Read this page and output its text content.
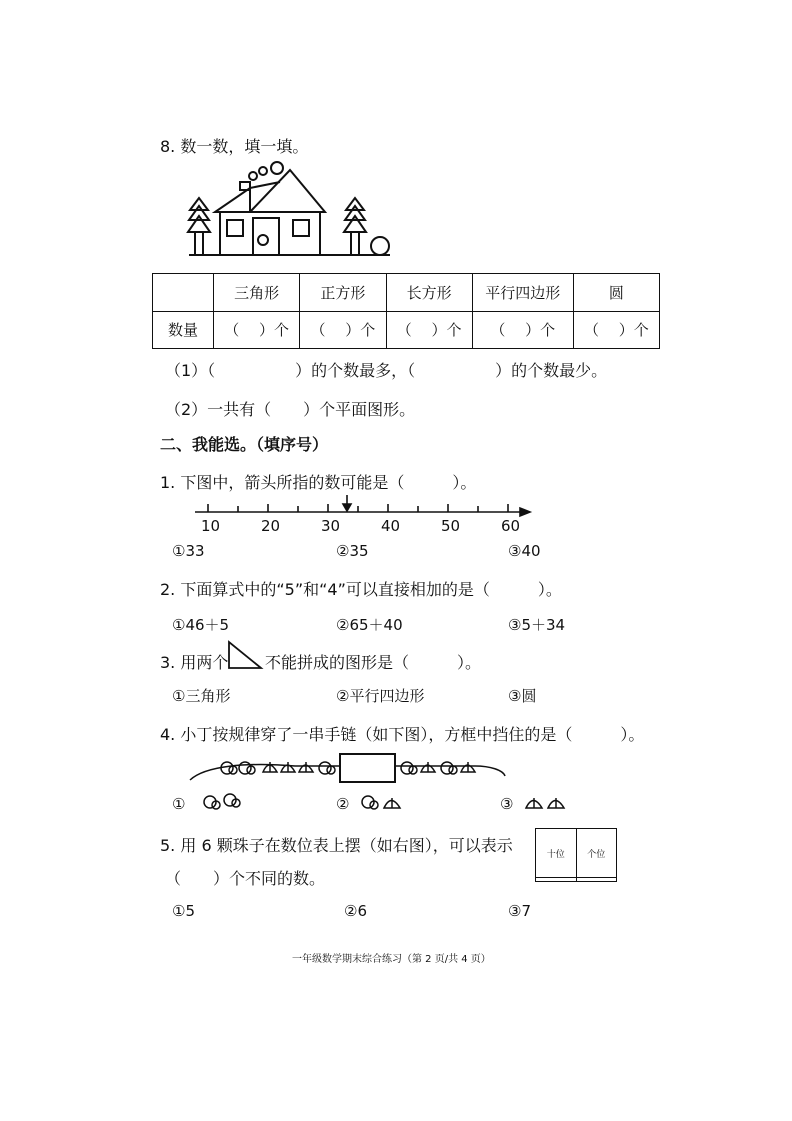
8. 数一数，填一填。
	三角形	正方形	长方形	平行四边形	圆
数量	（　 ）个	（　 ）个	（　 ）个	（　 ）个	（　 ）个
（1）（　　　　　）的个数最多，（　　　　　）的个数最少。
（2）一共有（　　）个平面图形。
二、我能选。（填序号）
1. 下图中，箭头所指的数可能是（　　　）。
10	20	30	40	50	60
①33	②35	③40
2. 下面算式中的“5”和“4”可以直接相加的是（　　　）。
①46＋5	②65＋40	③5＋34
3. 用两个 不能拼成的图形是（　　　）。
①三角形	②平行四边形	③圆
4. 小丁按规律穿了一串手链（如下图），方框中挡住的是（　　　）。
①	②	③
5. 用 6 颗珠子在数位表上摆（如右图），可以表示
（　　）个不同的数。
十位	个位

①5	②6	③7
一年级数学期末综合练习（第 2 页/共 4 页）
